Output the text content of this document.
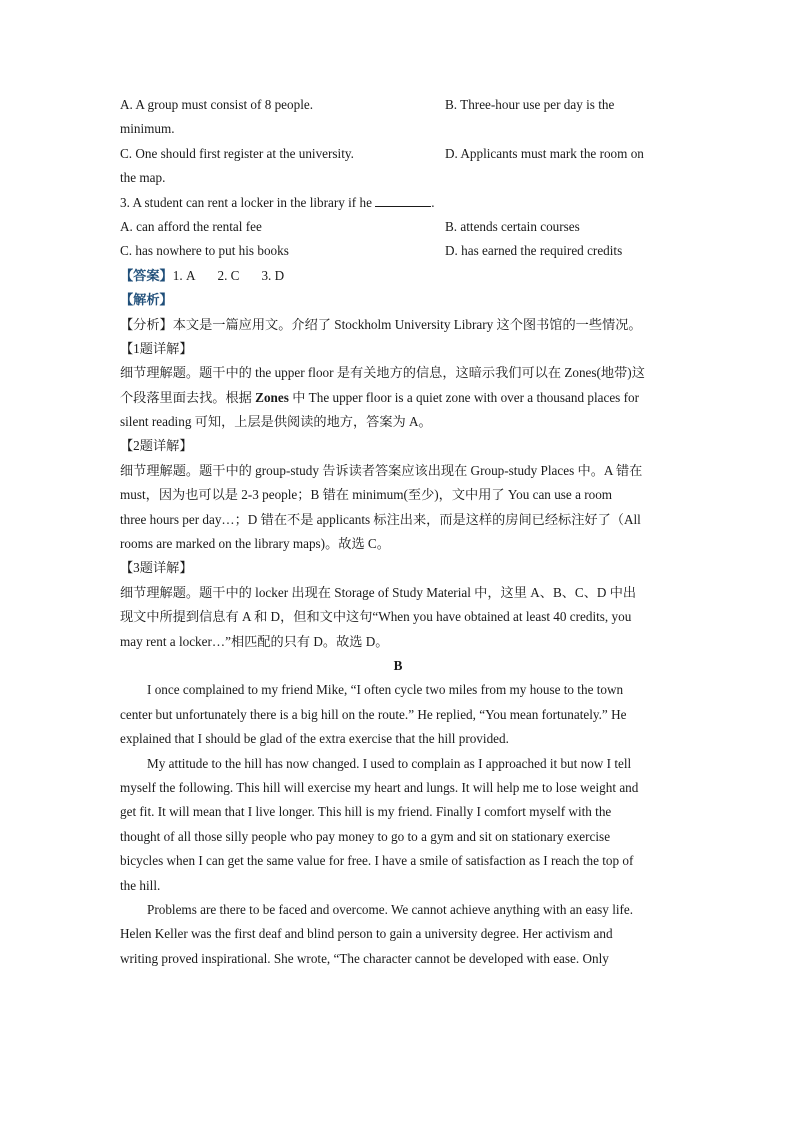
A. A group must consist of 8 people.	B. Three-hour use per day is the
minimum.
C. One should first register at the university.	D. Applicants must mark the room on
the map.
3. A student can rent a locker in the library if he	.
A. can afford the rental fee	B. attends certain courses
C. has nowhere to put his books	D. has earned the required credits
【答案】1. A 2. C 3. D
【解析】
【分析】本文是一篇应用文。介绍了 Stockholm University Library 这个图书馆的一些情况。
【1题详解】
细节理解题。题干中的 the upper floor 是有关地方的信息，这暗示我们可以在 Zones(地带)这
个段落里面去找。根据 Zones 中 The upper floor is a quiet zone with over a thousand places for
silent reading 可知，上层是供阅读的地方，答案为 A。
【2题详解】
细节理解题。题干中的 group-study 告诉读者答案应该出现在 Group-study Places 中。A 错在
must，因为也可以是 2-3 people；B 错在 minimum(至少)，文中用了 You can use a room
three hours per day…；D 错在不是 applicants 标注出来，而是这样的房间已经标注好了（All
rooms are marked on the library maps)。故选 C。
【3题详解】
细节理解题。题干中的 locker 出现在 Storage of Study Material 中，这里 A、B、C、D 中出
现文中所提到信息有 A 和 D，但和文中这句“When you have obtained at least 40 credits, you
may rent a locker…”相匹配的只有 D。故选 D。
B
I once complained to my friend Mike, “I often cycle two miles from my house to the town
center but unfortunately there is a big hill on the route.” He replied, “You mean fortunately.” He
explained that I should be glad of the extra exercise that the hill provided.
My attitude to the hill has now changed. I used to complain as I approached it but now I tell
myself the following. This hill will exercise my heart and lungs. It will help me to lose weight and
get fit. It will mean that I live longer. This hill is my friend. Finally I comfort myself with the
thought of all those silly people who pay money to go to a gym and sit on stationary exercise
bicycles when I can get the same value for free. I have a smile of satisfaction as I reach the top of
the hill.
Problems are there to be faced and overcome. We cannot achieve anything with an easy life.
Helen Keller was the first deaf and blind person to gain a university degree. Her activism and
writing proved inspirational. She wrote, “The character cannot be developed with ease. Only
